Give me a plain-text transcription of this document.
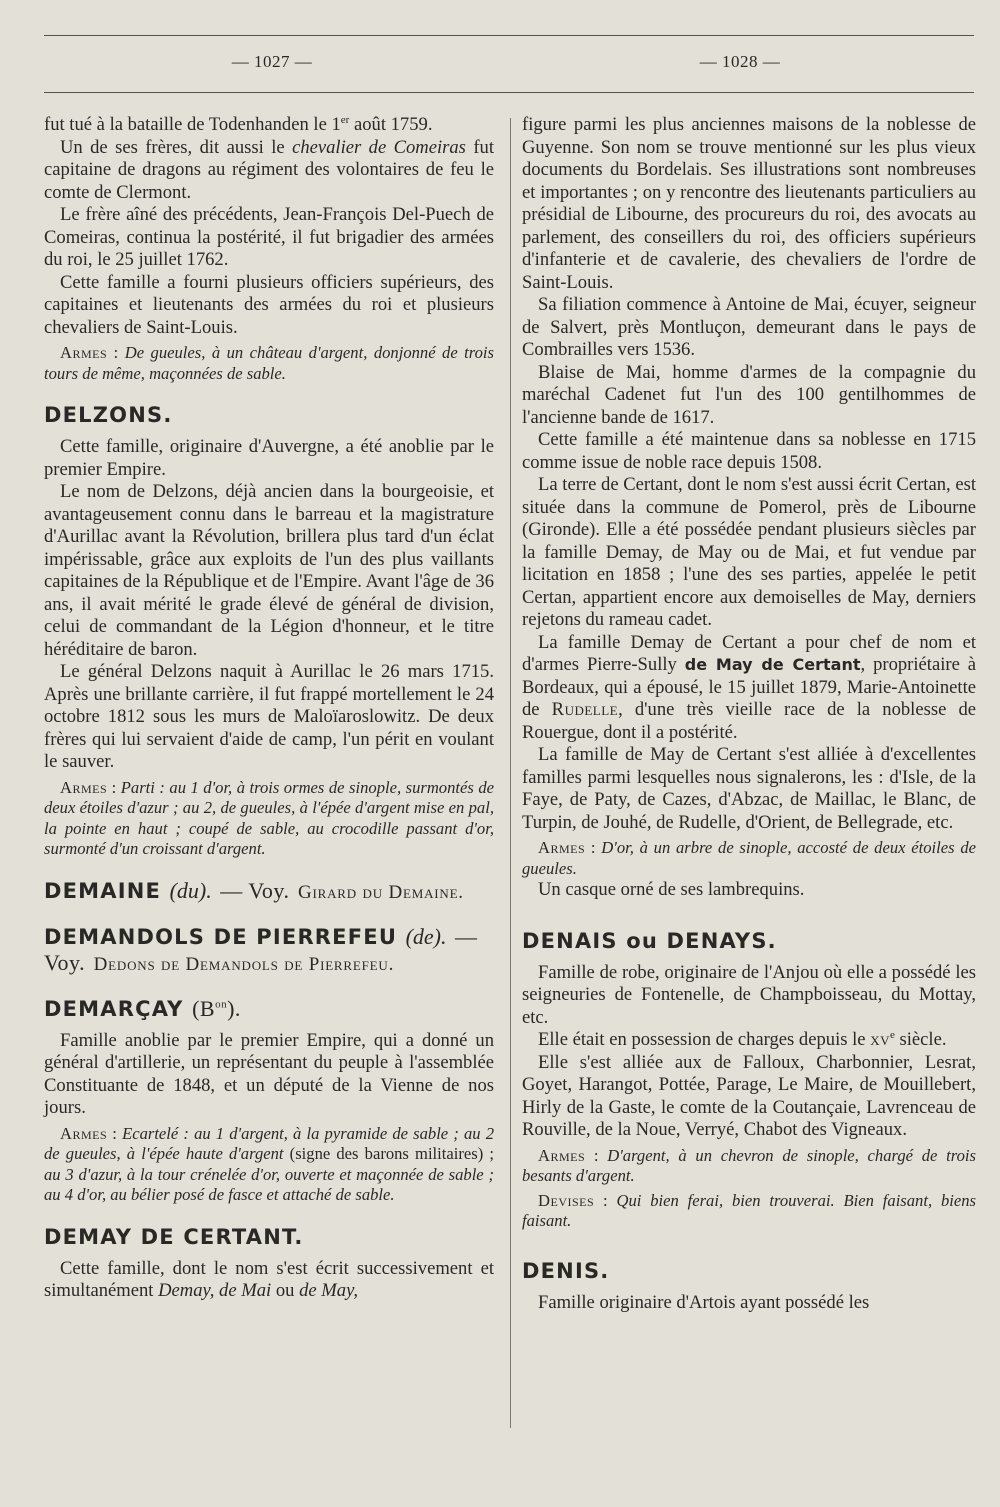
— 1027 —	— 1028 —

fut tué à la bataille de Todenhanden le 1er août 1759.

Un de ses frères, dit aussi le chevalier de Comeiras fut capitaine de dragons au régiment des volontaires de feu le comte de Clermont.

Le frère aîné des précédents, Jean-François Del-Puech de Comeiras, continua la postérité, il fut brigadier des armées du roi, le 25 juillet 1762.

Cette famille a fourni plusieurs officiers supérieurs, des capitaines et lieutenants des armées du roi et plusieurs chevaliers de Saint-Louis.

Armes : De gueules, à un château d'argent, donjonné de trois tours de même, maçonnées de sable.

DELZONS.

Cette famille, originaire d'Auvergne, a été anoblie par le premier Empire.

Le nom de Delzons, déjà ancien dans la bourgeoisie, et avantageusement connu dans le barreau et la magistrature d'Aurillac avant la Révolution, brillera plus tard d'un éclat impérissable, grâce aux exploits de l'un des plus vaillants capitaines de la République et de l'Empire. Avant l'âge de 36 ans, il avait mérité le grade élevé de général de division, celui de commandant de la Légion d'honneur, et le titre héréditaire de baron.

Le général Delzons naquit à Aurillac le 26 mars 1715. Après une brillante carrière, il fut frappé mortellement le 24 octobre 1812 sous les murs de Maloïaroslowitz. De deux frères qui lui servaient d'aide de camp, l'un périt en voulant le sauver.

Armes : Parti : au 1 d'or, à trois ormes de sinople, surmontés de deux étoiles d'azur ; au 2, de gueules, à l'épée d'argent mise en pal, la pointe en haut ; coupé de sable, au crocodille passant d'or, surmonté d'un croissant d'argent.

DEMAINE (du). — Voy. Girard du Demaine.
DEMANDOLS DE PIERREFEU (de). — Voy. Dedons de Demandols de Pierrefeu.
DEMARÇAY $(B^{on})$.

Famille anoblie par le premier Empire, qui a donné un général d'artillerie, un représentant du peuple à l'assemblée Constituante de 1848, et un député de la Vienne de nos jours.

Armes : Ecartelé : au 1 d'argent, à la pyramide de sable ; au 2 de gueules, à l'épée haute d'argent (signe des barons militaires) ; au 3 d'azur, à la tour crénelée d'or, ouverte et maçonnée de sable ; au 4 d'or, au bélier posé de fasce et attaché de sable.

DEMAY DE CERTANT.

Cette famille, dont le nom s'est écrit successivement et simultanément Demay, de Mai ou de May,

figure parmi les plus anciennes maisons de la noblesse de Guyenne. Son nom se trouve mentionné sur les plus vieux documents du Bordelais. Ses illustrations sont nombreuses et importantes ; on y rencontre des lieutenants particuliers au présidial de Libourne, des procureurs du roi, des avocats au parlement, des conseillers du roi, des officiers supérieurs d'infanterie et de cavalerie, des chevaliers de l'ordre de Saint-Louis.

Sa filiation commence à Antoine de Mai, écuyer, seigneur de Salvert, près Montluçon, demeurant dans le pays de Combrailles vers 1536.

Blaise de Mai, homme d'armes de la compagnie du maréchal Cadenet fut l'un des 100 gentilhommes de l'ancienne bande de 1617.

Cette famille a été maintenue dans sa noblesse en 1715 comme issue de noble race depuis 1508.

La terre de Certant, dont le nom s'est aussi écrit Certan, est située dans la commune de Pomerol, près de Libourne (Gironde). Elle a été possédée pendant plusieurs siècles par la famille Demay, de May ou de Mai, et fut vendue par licitation en 1858 ; l'une des ses parties, appelée le petit Certan, appartient encore aux demoiselles de May, derniers rejetons du rameau cadet.

La famille Demay de Certant a pour chef de nom et d'armes Pierre-Sully de May de Certant, propriétaire à Bordeaux, qui a épousé, le 15 juillet 1879, Marie-Antoinette de Rudelle, d'une très vieille race de la noblesse de Rouergue, dont il a postérité.

La famille de May de Certant s'est alliée à d'excellentes familles parmi lesquelles nous signalerons, les : d'Isle, de la Faye, de Paty, de Cazes, d'Abzac, de Maillac, le Blanc, de Turpin, de Jouhé, de Rudelle, d'Orient, de Bellegrade, etc.

Armes : D'or, à un arbre de sinople, accosté de deux étoiles de gueules.

Un casque orné de ses lambrequins.

DENAIS ou DENAYS.

Famille de robe, originaire de l'Anjou où elle a possédé les seigneuries de Fontenelle, de Champboisseau, du Mottay, etc.

Elle était en possession de charges depuis le $xv^e$ siècle.

Elle s'est alliée aux de Falloux, Charbonnier, Lesrat, Goyet, Harangot, Pottée, Parage, Le Maire, de Mouillebert, Hirly de la Gaste, le comte de la Coutançaie, Lavrenceau de Rouville, de la Noue, Verryé, Chabot des Vigneaux.

Armes : D'argent, à un chevron de sinople, chargé de trois besants d'argent.

Devises : Qui bien ferai, bien trouverai. Bien faisant, biens faisant.

DENIS.

Famille originaire d'Artois ayant possédé les
